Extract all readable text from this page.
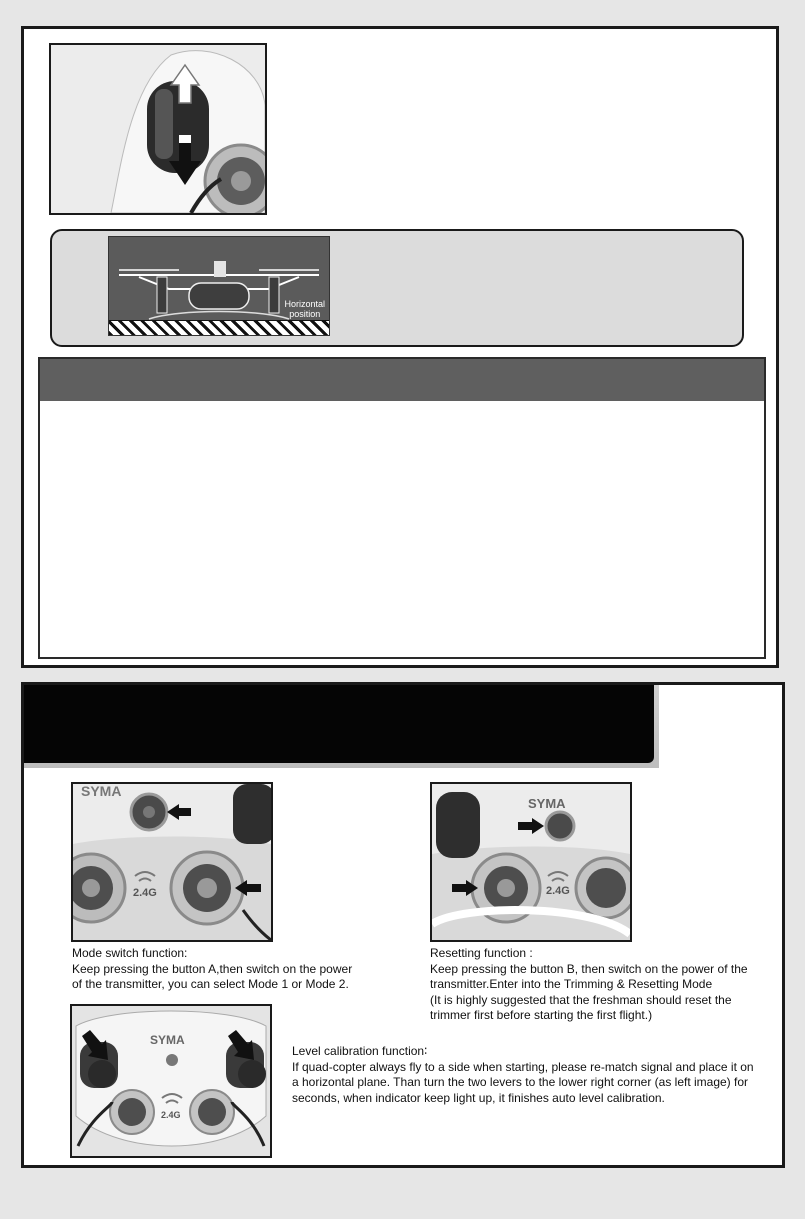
Horizontal
position
SYMA
2.4G
SYMA
2.4G
SYMA
2.4G
Mode switch function:
Keep pressing the button A,then switch on the power
of the transmitter, you can select Mode 1 or Mode 2.
Resetting function :
Keep pressing the button B, then switch on the power of the
transmitter.Enter into the Trimming & Resetting Mode
(It is highly suggested that the freshman should reset the
trimmer first before starting the first flight.)
Level calibration function∶
If quad-copter always fly to a side when starting, please re-match signal and place it on
a horizontal plane. Than turn the two levers to the lower right corner (as left image) for
seconds, when indicator keep light up, it finishes auto level calibration.
